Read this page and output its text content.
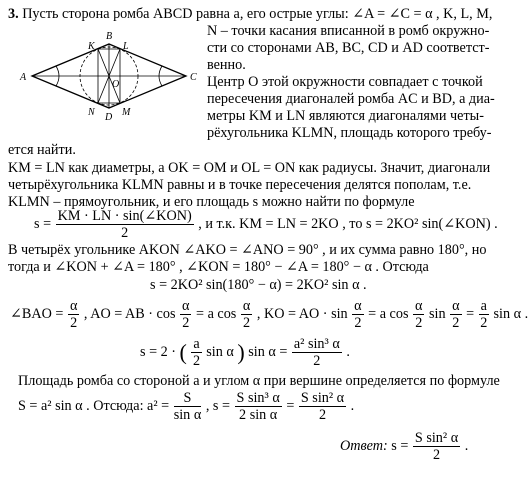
3. Пусть сторона ромба ABCD равна a, его острые углы: ∠A = ∠C = α , K, L, M,
A
B
C
D
K	L
M
N
O
N – точки касания вписанной в ромб окружно-
сти со сторонами AB, BC, CD и AD соответст-
венно.
Центр O этой окружности совпадает с точкой
пересечения диагоналей ромба AC и BD, а диа-
метры KM и LN являются диагоналями четы-
рёхугольника KLMN, площадь которого требу-
ется найти.
KM = LN как диаметры, а OK = OM и OL = ON как радиусы. Значит, диагонали
четырёхугольника KLMN равны и в точке пересечения делятся пополам, т.е.
KLMN – прямоугольник, и его площадь s можно найти по формуле
$s = \frac{\text{KM · LN · sin(∠KON)}}{2}$ , и т.к. KM = LN = 2KO , то s = 2KO² sin(∠KON) .
В четырёх угольнике AKON ∠AKO = ∠ANO = 90° , и их сумма равно 180°, но
тогда и ∠KON + ∠A = 180° , ∠KON = 180° − ∠A = 180° − α . Отсюда
s = 2KO² sin(180° − α) = 2KO² sin α .
∠BAO = $\frac{\alpha}{2}$ , AO = AB · $\cos \frac{\alpha}{2} = a$ $\cos \frac{\alpha}{2}$ , KO = AO · $\sin \frac{\alpha}{2} = a$ $\cos \frac{\alpha}{2}$ $\sin \frac{\alpha}{2} = \frac{a}{2}$ sin α .
s = 2 · ( $\frac{a}{2}$ sin α ) $\sin \alpha = \frac{\text{a² sin³ α}}{2}$ .
Площадь ромба со стороной a и углом α при вершине определяется по формуле
S = a² sin α . Отсюда: $a^2 = \frac{S}{\text{sin α}}$ , $s = \frac{\text{S sin³ α}}{\text{2 sin α}} = \frac{\text{S sin² α}}{2}$ .
Ответ: $s = \frac{\text{S sin² α}}{2}$ .
